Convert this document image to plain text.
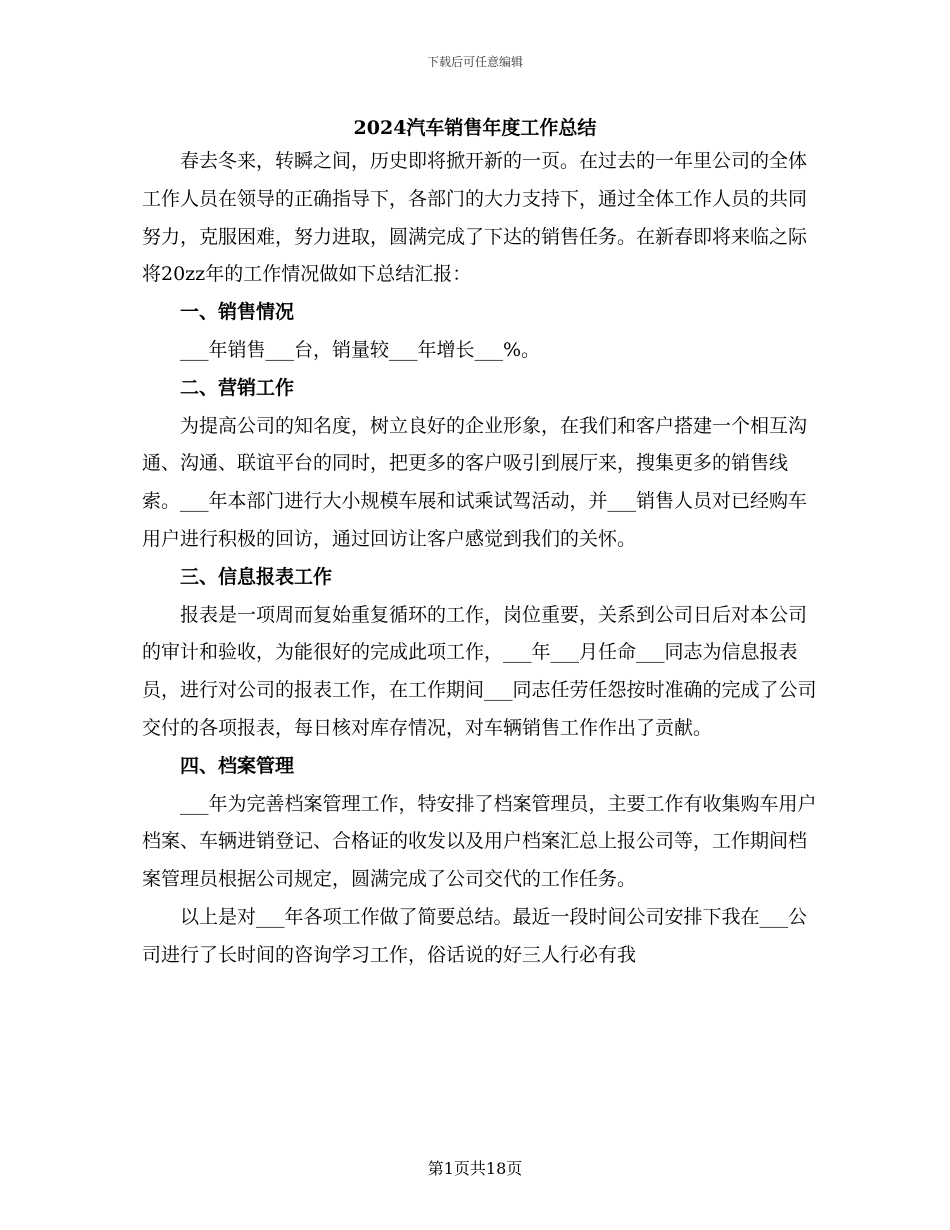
下载后可任意编辑
2024汽车销售年度工作总结

春去冬来，转瞬之间，历史即将掀开新的一页。在过去的一年里公司的全体工作人员在领导的正确指导下，各部门的大力支持下，通过全体工作人员的共同努力，克服困难，努力进取，圆满完成了下达的销售任务。在新春即将来临之际将20zz年的工作情况做如下总结汇报：

一、销售情况

___年销售___台，销量较___年增长___%。

二、营销工作

为提高公司的知名度，树立良好的企业形象，在我们和客户搭建一个相互沟通、沟通、联谊平台的同时，把更多的客户吸引到展厅来，搜集更多的销售线索。___年本部门进行大小规模车展和试乘试驾活动，并___销售人员对已经购车用户进行积极的回访，通过回访让客户感觉到我们的关怀。

三、信息报表工作

报表是一项周而复始重复循环的工作，岗位重要，关系到公司日后对本公司的审计和验收，为能很好的完成此项工作，___年___月任命___同志为信息报表员，进行对公司的报表工作，在工作期间___同志任劳任怨按时准确的完成了公司交付的各项报表，每日核对库存情况，对车辆销售工作作出了贡献。

四、档案管理

___年为完善档案管理工作，特安排了档案管理员，主要工作有收集购车用户档案、车辆进销登记、合格证的收发以及用户档案汇总上报公司等，工作期间档案管理员根据公司规定，圆满完成了公司交代的工作任务。

以上是对___年各项工作做了简要总结。最近一段时间公司安排下我在___公司进行了长时间的咨询学习工作，俗话说的好三人行必有我

第1页共18页
